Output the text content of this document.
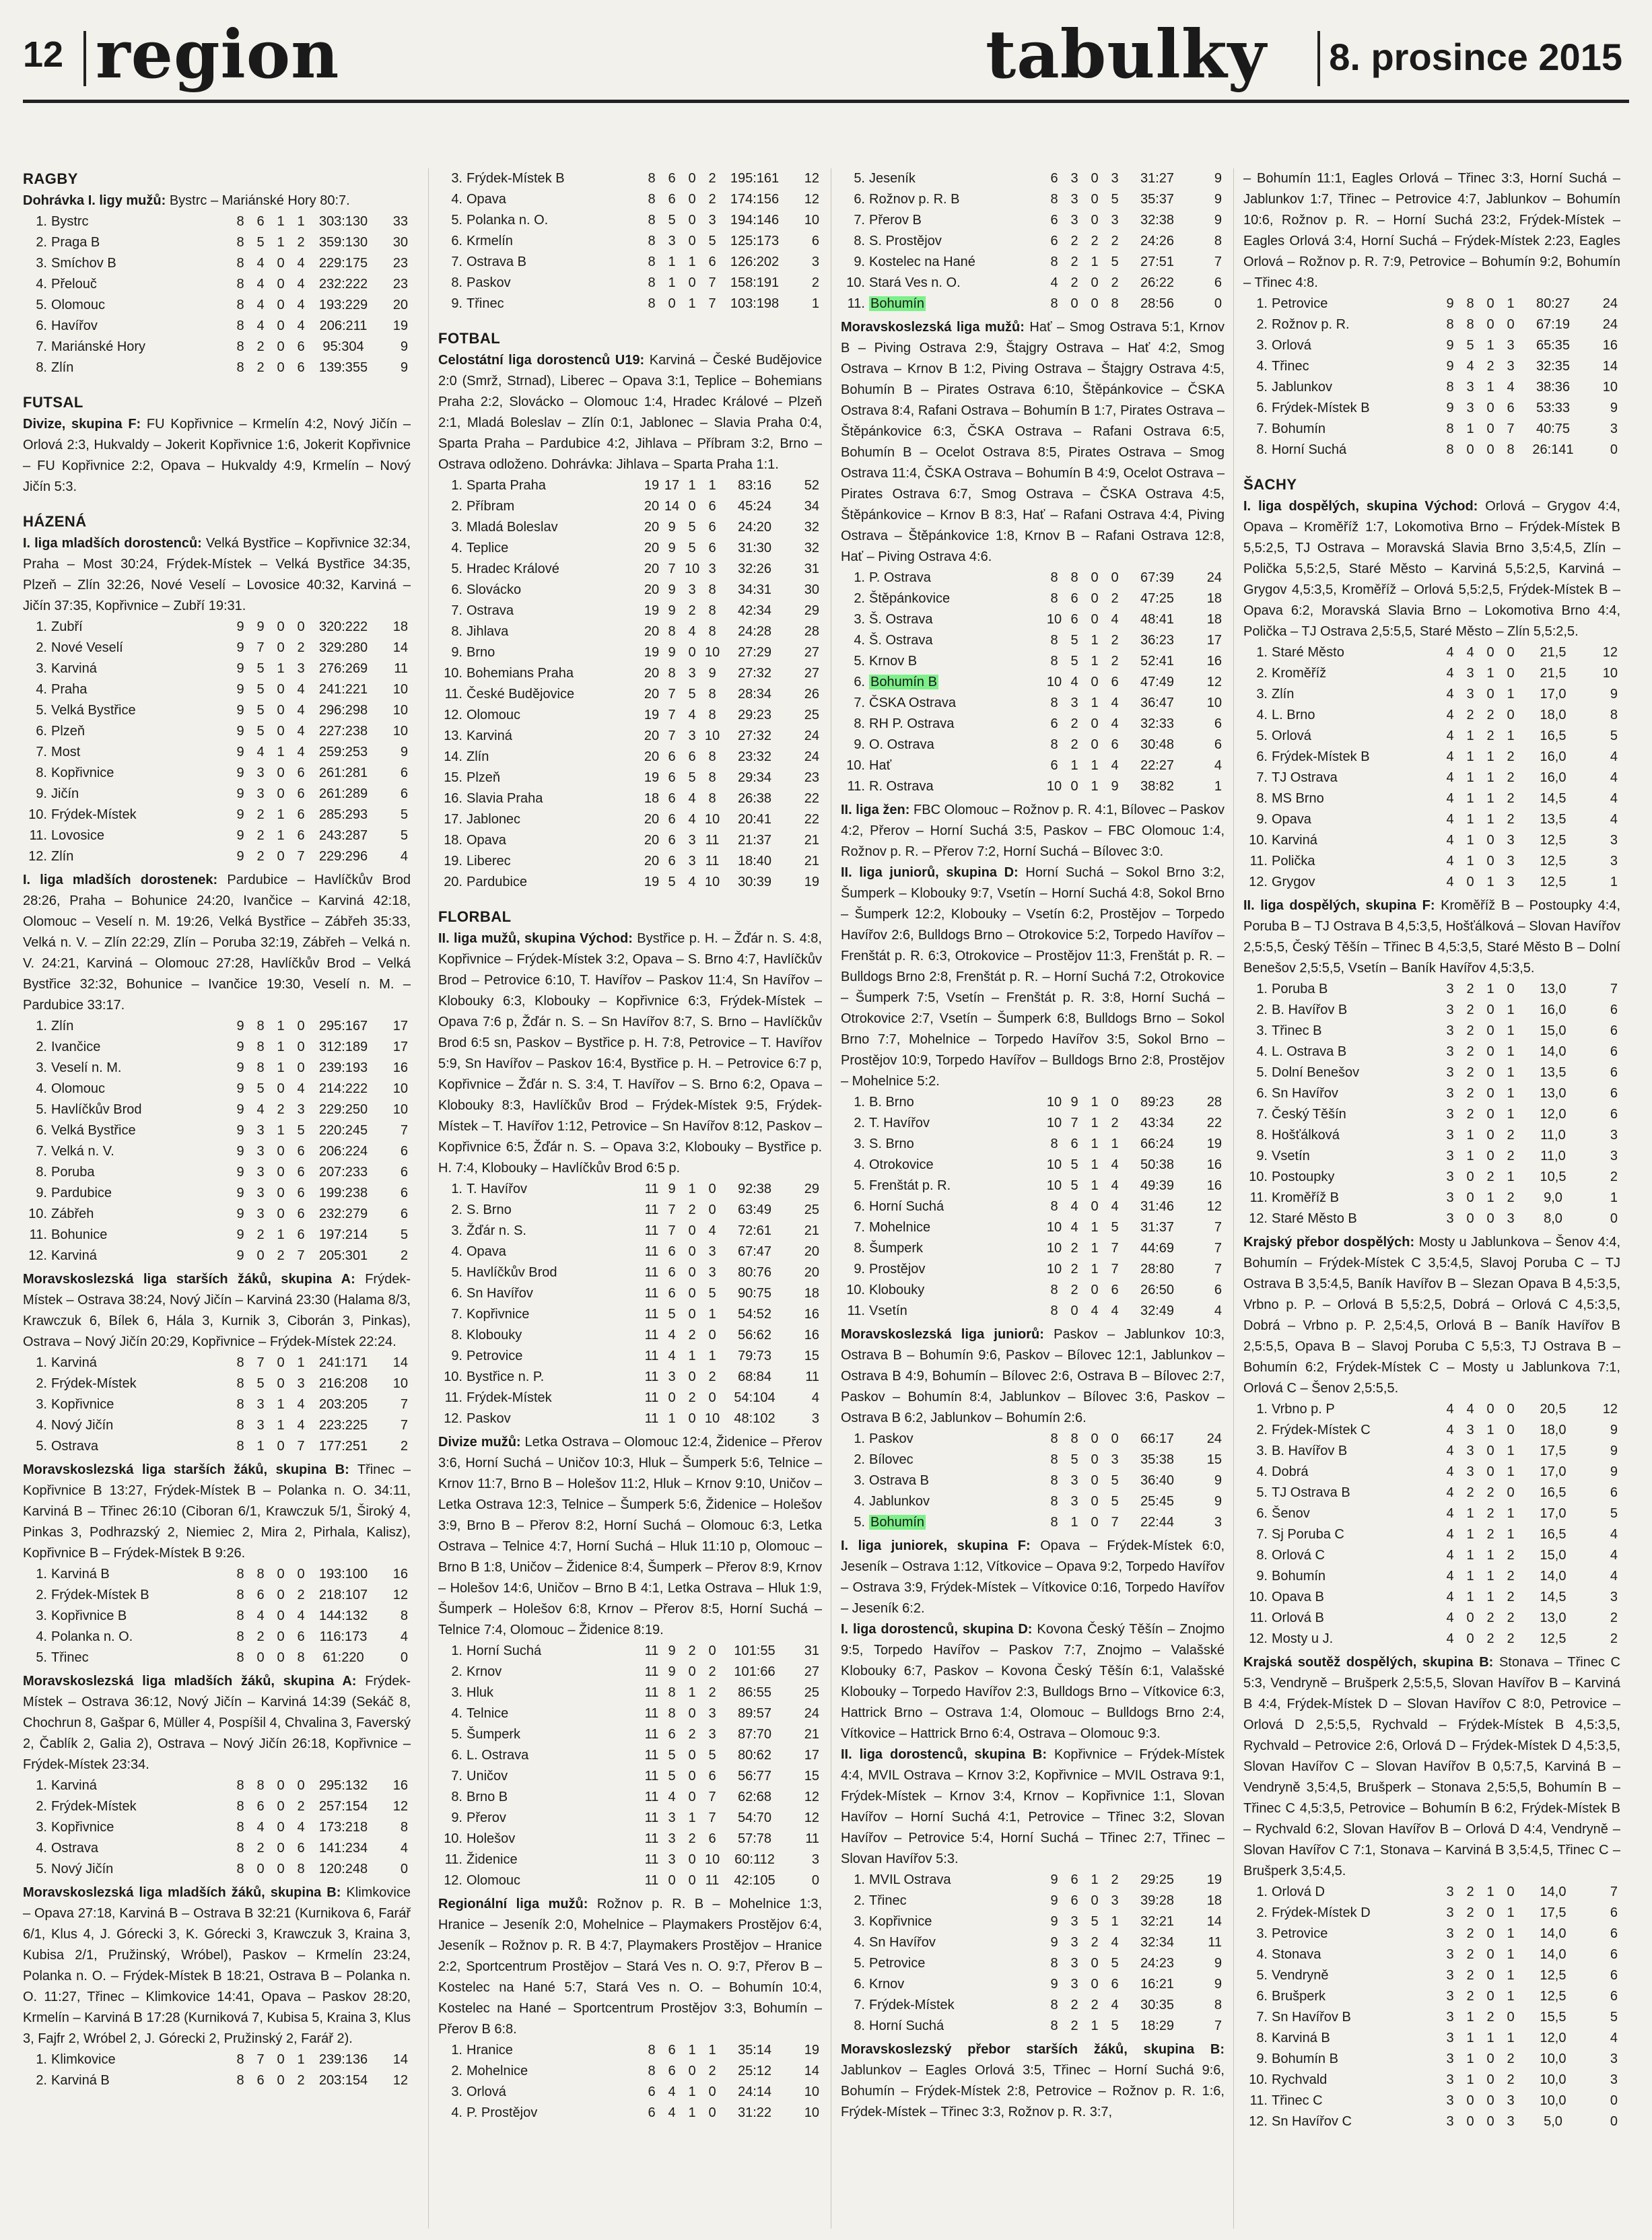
12 region	tabulky 8. prosince 2015
RAGBY

Dohrávka I. ligy mužů: Bystrc – Mariánské Hory 80:7.

1.	Bystrc	8	6	1	1	303:130	33
2.	Praga B	8	5	1	2	359:130	30
3.	Smíchov B	8	4	0	4	229:175	23
4.	Přelouč	8	4	0	4	232:222	23
5.	Olomouc	8	4	0	4	193:229	20
6.	Havířov	8	4	0	4	206:211	19
7.	Mariánské Hory	8	2	0	6	95:304	9
8.	Zlín	8	2	0	6	139:355	9
FUTSAL

Divize, skupina F: FU Kopřivnice – Krmelín 4:2, Nový Jičín – Orlová 2:3, Hukvaldy – Jokerit Kopřivnice 1:6, Jokerit Kopřivnice – FU Kopřivnice 2:2, Opava – Hukvaldy 4:9, Krmelín – Nový Jičín 5:3.

HÁZENÁ

I. liga mladších dorostenců: Velká Bystřice – Kopřivnice 32:34, Praha – Most 30:24, Frýdek-Místek – Velká Bystřice 34:35, Plzeň – Zlín 32:26, Nové Veselí – Lovosice 40:32, Karviná – Jičín 37:35, Kopřivnice – Zubří 19:31.

1.	Zubří	9	9	0	0	320:222	18
2.	Nové Veselí	9	7	0	2	329:280	14
3.	Karviná	9	5	1	3	276:269	11
4.	Praha	9	5	0	4	241:221	10
5.	Velká Bystřice	9	5	0	4	296:298	10
6.	Plzeň	9	5	0	4	227:238	10
7.	Most	9	4	1	4	259:253	9
8.	Kopřivnice	9	3	0	6	261:281	6
9.	Jičín	9	3	0	6	261:289	6
10.	Frýdek-Místek	9	2	1	6	285:293	5
11.	Lovosice	9	2	1	6	243:287	5
12.	Zlín	9	2	0	7	229:296	4

I. liga mladších dorostenek: Pardubice – Havlíčkův Brod 28:26, Praha – Bohunice 24:20, Ivančice – Karviná 42:18, Olomouc – Veselí n. M. 19:26, Velká Bystřice – Zábřeh 35:33, Velká n. V. – Zlín 22:29, Zlín – Poruba 32:19, Zábřeh – Velká n. V. 24:21, Karviná – Olomouc 27:28, Havlíčkův Brod – Velká Bystřice 32:32, Bohunice – Ivančice 19:30, Veselí n. M. – Pardubice 33:17.

1.	Zlín	9	8	1	0	295:167	17
2.	Ivančice	9	8	1	0	312:189	17
3.	Veselí n. M.	9	8	1	0	239:193	16
4.	Olomouc	9	5	0	4	214:222	10
5.	Havlíčkův Brod	9	4	2	3	229:250	10
6.	Velká Bystřice	9	3	1	5	220:245	7
7.	Velká n. V.	9	3	0	6	206:224	6
8.	Poruba	9	3	0	6	207:233	6
9.	Pardubice	9	3	0	6	199:238	6
10.	Zábřeh	9	3	0	6	232:279	6
11.	Bohunice	9	2	1	6	197:214	5
12.	Karviná	9	0	2	7	205:301	2

Moravskoslezská liga starších žáků, skupina A: Frýdek-Místek – Ostrava 38:24, Nový Jičín – Karviná 23:30 (Halama 8/3, Krawczuk 6, Bílek 6, Hála 3, Kurnik 3, Ciborán 3, Pinkas), Ostrava – Nový Jičín 20:29, Kopřivnice – Frýdek-Místek 22:24.

1.	Karviná	8	7	0	1	241:171	14
2.	Frýdek-Místek	8	5	0	3	216:208	10
3.	Kopřivnice	8	3	1	4	203:205	7
4.	Nový Jičín	8	3	1	4	223:225	7
5.	Ostrava	8	1	0	7	177:251	2

Moravskoslezská liga starších žáků, skupina B: Třinec – Kopřivnice B 13:27, Frýdek-Místek B – Polanka n. O. 34:11, Karviná B – Třinec 26:10 (Ciboran 6/1, Krawczuk 5/1, Široký 4, Pinkas 3, Podhrazský 2, Niemiec 2, Mira 2, Pirhala, Kalisz), Kopřivnice B – Frýdek-Místek B 9:26.

1.	Karviná B	8	8	0	0	193:100	16
2.	Frýdek-Místek B	8	6	0	2	218:107	12
3.	Kopřivnice B	8	4	0	4	144:132	8
4.	Polanka n. O.	8	2	0	6	116:173	4
5.	Třinec	8	0	0	8	61:220	0

Moravskoslezská liga mladších žáků, skupina A: Frýdek-Místek – Ostrava 36:12, Nový Jičín – Karviná 14:39 (Sekáč 8, Chochrun 8, Gašpar 6, Müller 4, Pospíšil 4, Chvalina 3, Faverský 2, Čablík 2, Galia 2), Ostrava – Nový Jičín 26:18, Kopřivnice – Frýdek-Místek 23:34.

1.	Karviná	8	8	0	0	295:132	16
2.	Frýdek-Místek	8	6	0	2	257:154	12
3.	Kopřivnice	8	4	0	4	173:218	8
4.	Ostrava	8	2	0	6	141:234	4
5.	Nový Jičín	8	0	0	8	120:248	0

Moravskoslezská liga mladších žáků, skupina B: Klimkovice – Opava 27:18, Karviná B – Ostrava B 32:21 (Kurnikova 6, Farář 6/1, Klus 4, J. Górecki 3, K. Górecki 3, Krawczuk 3, Kraina 3, Kubisa 2/1, Pružinský, Wróbel), Paskov – Krmelín 23:24, Polanka n. O. – Frýdek-Místek B 18:21, Ostrava B – Polanka n. O. 11:27, Třinec – Klimkovice 14:41, Opava – Paskov 28:20, Krmelín – Karviná B 17:28 (Kurniková 7, Kubisa 5, Kraina 3, Klus 3, Fajfr 2, Wróbel 2, J. Górecki 2, Pružinský 2, Farář 2).

1.	Klimkovice	8	7	0	1	239:136	14
2.	Karviná B	8	6	0	2	203:154	12
3.	Frýdek-Místek B	8	6	0	2	195:161	12
4.	Opava	8	6	0	2	174:156	12
5.	Polanka n. O.	8	5	0	3	194:146	10
6.	Krmelín	8	3	0	5	125:173	6
7.	Ostrava B	8	1	1	6	126:202	3
8.	Paskov	8	1	0	7	158:191	2
9.	Třinec	8	0	1	7	103:198	1
FOTBAL

Celostátní liga dorostenců U19: Karviná – České Budějovice 2:0 (Smrž, Strnad), Liberec – Opava 3:1, Teplice – Bohemians Praha 2:2, Slovácko – Olomouc 1:4, Hradec Králové – Plzeň 2:1, Mladá Boleslav – Zlín 0:1, Jablonec – Slavia Praha 0:4, Sparta Praha – Pardubice 4:2, Jihlava – Příbram 3:2, Brno – Ostrava odloženo. Dohrávka: Jihlava – Sparta Praha 1:1.

1.	Sparta Praha	19	17	1	1	83:16	52
2.	Příbram	20	14	0	6	45:24	34
3.	Mladá Boleslav	20	9	5	6	24:20	32
4.	Teplice	20	9	5	6	31:30	32
5.	Hradec Králové	20	7	10	3	32:26	31
6.	Slovácko	20	9	3	8	34:31	30
7.	Ostrava	19	9	2	8	42:34	29
8.	Jihlava	20	8	4	8	24:28	28
9.	Brno	19	9	0	10	27:29	27
10.	Bohemians Praha	20	8	3	9	27:32	27
11.	České Budějovice	20	7	5	8	28:34	26
12.	Olomouc	19	7	4	8	29:23	25
13.	Karviná	20	7	3	10	27:32	24
14.	Zlín	20	6	6	8	23:32	24
15.	Plzeň	19	6	5	8	29:34	23
16.	Slavia Praha	18	6	4	8	26:38	22
17.	Jablonec	20	6	4	10	20:41	22
18.	Opava	20	6	3	11	21:37	21
19.	Liberec	20	6	3	11	18:40	21
20.	Pardubice	19	5	4	10	30:39	19
FLORBAL

II. liga mužů, skupina Východ: Bystřice p. H. – Žďár n. S. 4:8, Kopřivnice – Frýdek-Místek 3:2, Opava – S. Brno 4:7, Havlíčkův Brod – Petrovice 6:10, T. Havířov – Paskov 11:4, Sn Havířov – Klobouky 6:3, Klobouky – Kopřivnice 6:3, Frýdek-Místek – Opava 7:6 p, Žďár n. S. – Sn Havířov 8:7, S. Brno – Havlíčkův Brod 6:5 sn, Paskov – Bystřice p. H. 7:8, Petrovice – T. Havířov 5:9, Sn Havířov – Paskov 16:4, Bystřice p. H. – Petrovice 6:7 p, Kopřivnice – Žďár n. S. 3:4, T. Havířov – S. Brno 6:2, Opava – Klobouky 8:3, Havlíčkův Brod – Frýdek-Místek 9:5, Frýdek-Místek – T. Havířov 1:12, Petrovice – Sn Havířov 8:12, Paskov – Kopřivnice 6:5, Žďár n. S. – Opava 3:2, Klobouky – Bystřice p. H. 7:4, Klobouky – Havlíčkův Brod 6:5 p.

1.	T. Havířov	11	9	1	0	92:38	29
2.	S. Brno	11	7	2	0	63:49	25
3.	Žďár n. S.	11	7	0	4	72:61	21
4.	Opava	11	6	0	3	67:47	20
5.	Havlíčkův Brod	11	6	0	3	80:76	20
6.	Sn Havířov	11	6	0	5	90:75	18
7.	Kopřivnice	11	5	0	1	54:52	16
8.	Klobouky	11	4	2	0	56:62	16
9.	Petrovice	11	4	1	1	79:73	15
10.	Bystřice n. P.	11	3	0	2	68:84	11
11.	Frýdek-Místek	11	0	2	0	54:104	4
12.	Paskov	11	1	0	10	48:102	3

Divize mužů: Letka Ostrava – Olomouc 12:4, Židenice – Přerov 3:6, Horní Suchá – Uničov 10:3, Hluk – Šumperk 5:6, Telnice – Krnov 11:7, Brno B – Holešov 11:2, Hluk – Krnov 9:10, Uničov – Letka Ostrava 12:3, Telnice – Šumperk 5:6, Židenice – Holešov 3:9, Brno B – Přerov 8:2, Horní Suchá – Olomouc 6:3, Letka Ostrava – Telnice 4:7, Horní Suchá – Hluk 11:10 p, Olomouc – Brno B 1:8, Uničov – Židenice 8:4, Šumperk – Přerov 8:9, Krnov – Holešov 14:6, Uničov – Brno B 4:1, Letka Ostrava – Hluk 1:9, Šumperk – Holešov 6:8, Krnov – Přerov 8:5, Horní Suchá – Telnice 7:4, Olomouc – Židenice 8:19.

1.	Horní Suchá	11	9	2	0	101:55	31
2.	Krnov	11	9	0	2	101:66	27
3.	Hluk	11	8	1	2	86:55	25
4.	Telnice	11	8	0	3	89:57	24
5.	Šumperk	11	6	2	3	87:70	21
6.	L. Ostrava	11	5	0	5	80:62	17
7.	Uničov	11	5	0	6	56:77	15
8.	Brno B	11	4	0	7	62:68	12
9.	Přerov	11	3	1	7	54:70	12
10.	Holešov	11	3	2	6	57:78	11
11.	Židenice	11	3	0	10	60:112	3
12.	Olomouc	11	0	0	11	42:105	0

Regionální liga mužů: Rožnov p. R. B – Mohelnice 1:3, Hranice – Jeseník 2:0, Mohelnice – Playmakers Prostějov 6:4, Jeseník – Rožnov p. R. B 4:7, Playmakers Prostějov – Hranice 2:2, Sportcentrum Prostějov – Stará Ves n. O. 9:7, Přerov B – Kostelec na Hané 5:7, Stará Ves n. O. – Bohumín 10:4, Kostelec na Hané – Sportcentrum Prostějov 3:3, Bohumín – Přerov B 6:8.

1.	Hranice	8	6	1	1	35:14	19
2.	Mohelnice	8	6	0	2	25:12	14
3.	Orlová	6	4	1	0	24:14	10
4.	P. Prostějov	6	4	1	0	31:22	10
5.	Jeseník	6	3	0	3	31:27	9
6.	Rožnov p. R. B	8	3	0	5	35:37	9
7.	Přerov B	6	3	0	3	32:38	9
8.	S. Prostějov	6	2	2	2	24:26	8
9.	Kostelec na Hané	8	2	1	5	27:51	7
10.	Stará Ves n. O.	4	2	0	2	26:22	6
11.	Bohumín	8	0	0	8	28:56	0

Moravskoslezská liga mužů: Hať – Smog Ostrava 5:1, Krnov B – Piving Ostrava 2:9, Štajgry Ostrava – Hať 4:2, Smog Ostrava – Krnov B 1:2, Piving Ostrava – Štajgry Ostrava 4:5, Bohumín B – Pirates Ostrava 6:10, Štěpánkovice – ČSKA Ostrava 8:4, Rafani Ostrava – Bohumín B 1:7, Pirates Ostrava – Štěpánkovice 6:3, ČSKA Ostrava – Rafani Ostrava 6:5, Bohumín B – Ocelot Ostrava 8:5, Pirates Ostrava – Smog Ostrava 11:4, ČSKA Ostrava – Bohumín B 4:9, Ocelot Ostrava – Pirates Ostrava 6:7, Smog Ostrava – ČSKA Ostrava 4:5, Štěpánkovice – Krnov B 8:3, Hať – Rafani Ostrava 4:4, Piving Ostrava – Štěpánkovice 1:8, Krnov B – Rafani Ostrava 12:8, Hať – Piving Ostrava 4:6.

1.	P. Ostrava	8	8	0	0	67:39	24
2.	Štěpánkovice	8	6	0	2	47:25	18
3.	Š. Ostrava	10	6	0	4	48:41	18
4.	Š. Ostrava	8	5	1	2	36:23	17
5.	Krnov B	8	5	1	2	52:41	16
6.	Bohumín B	10	4	0	6	47:49	12
7.	ČSKA Ostrava	8	3	1	4	36:47	10
8.	RH P. Ostrava	6	2	0	4	32:33	6
9.	O. Ostrava	8	2	0	6	30:48	6
10.	Hať	6	1	1	4	22:27	4
11.	R. Ostrava	10	0	1	9	38:82	1

II. liga žen: FBC Olomouc – Rožnov p. R. 4:1, Bílovec – Paskov 4:2, Přerov – Horní Suchá 3:5, Paskov – FBC Olomouc 1:4, Rožnov p. R. – Přerov 7:2, Horní Suchá – Bílovec 3:0.

II. liga juniorů, skupina D: Horní Suchá – Sokol Brno 3:2, Šumperk – Klobouky 9:7, Vsetín – Horní Suchá 4:8, Sokol Brno – Šumperk 12:2, Klobouky – Vsetín 6:2, Prostějov – Torpedo Havířov 2:6, Bulldogs Brno – Otrokovice 5:2, Torpedo Havířov – Frenštát p. R. 6:3, Otrokovice – Prostějov 11:3, Frenštát p. R. – Bulldogs Brno 2:8, Frenštát p. R. – Horní Suchá 7:2, Otrokovice – Šumperk 7:5, Vsetín – Frenštát p. R. 3:8, Horní Suchá – Otrokovice 2:7, Vsetín – Šumperk 6:8, Bulldogs Brno – Sokol Brno 7:7, Mohelnice – Torpedo Havířov 3:5, Sokol Brno – Prostějov 10:9, Torpedo Havířov – Bulldogs Brno 2:8, Prostějov – Mohelnice 5:2.

1.	B. Brno	10	9	1	0	89:23	28
2.	T. Havířov	10	7	1	2	43:34	22
3.	S. Brno	8	6	1	1	66:24	19
4.	Otrokovice	10	5	1	4	50:38	16
5.	Frenštát p. R.	10	5	1	4	49:39	16
6.	Horní Suchá	8	4	0	4	31:46	12
7.	Mohelnice	10	4	1	5	31:37	7
8.	Šumperk	10	2	1	7	44:69	7
9.	Prostějov	10	2	1	7	28:80	7
10.	Klobouky	8	2	0	6	26:50	6
11.	Vsetín	8	0	4	4	32:49	4

Moravskoslezská liga juniorů: Paskov – Jablunkov 10:3, Ostrava B – Bohumín 9:6, Paskov – Bílovec 12:1, Jablunkov – Ostrava B 4:9, Bohumín – Bílovec 2:6, Ostrava B – Bílovec 2:7, Paskov – Bohumín 8:4, Jablunkov – Bílovec 3:6, Paskov – Ostrava B 6:2, Jablunkov – Bohumín 2:6.

1.	Paskov	8	8	0	0	66:17	24
2.	Bílovec	8	5	0	3	35:38	15
3.	Ostrava B	8	3	0	5	36:40	9
4.	Jablunkov	8	3	0	5	25:45	9
5.	Bohumín	8	1	0	7	22:44	3

I. liga juniorek, skupina F: Opava – Frýdek-Místek 6:0, Jeseník – Ostrava 1:12, Vítkovice – Opava 9:2, Torpedo Havířov – Ostrava 3:9, Frýdek-Místek – Vítkovice 0:16, Torpedo Havířov – Jeseník 6:2.

I. liga dorostenců, skupina D: Kovona Český Těšín – Znojmo 9:5, Torpedo Havířov – Paskov 7:7, Znojmo – Valašské Klobouky 6:7, Paskov – Kovona Český Těšín 6:1, Valašské Klobouky – Torpedo Havířov 2:3, Bulldogs Brno – Vítkovice 6:3, Hattrick Brno – Ostrava 1:4, Olomouc – Bulldogs Brno 2:4, Vítkovice – Hattrick Brno 6:4, Ostrava – Olomouc 9:3.

II. liga dorostenců, skupina B: Kopřivnice – Frýdek-Místek 4:4, MVIL Ostrava – Krnov 3:2, Kopřivnice – MVIL Ostrava 9:1, Frýdek-Místek – Krnov 3:4, Krnov – Kopřivnice 1:1, Slovan Havířov – Horní Suchá 4:1, Petrovice – Třinec 3:2, Slovan Havířov – Petrovice 5:4, Horní Suchá – Třinec 2:7, Třinec – Slovan Havířov 5:3.

1.	MVIL Ostrava	9	6	1	2	29:25	19
2.	Třinec	9	6	0	3	39:28	18
3.	Kopřivnice	9	3	5	1	32:21	14
4.	Sn Havířov	9	3	2	4	32:34	11
5.	Petrovice	8	3	0	5	24:23	9
6.	Krnov	9	3	0	6	16:21	9
7.	Frýdek-Místek	8	2	2	4	30:35	8
8.	Horní Suchá	8	2	1	5	18:29	7

Moravskoslezský přebor starších žáků, skupina B: Jablunkov – Eagles Orlová 3:5, Třinec – Horní Suchá 9:6, Bohumín – Frýdek-Místek 2:8, Petrovice – Rožnov p. R. 1:6, Frýdek-Místek – Třinec 3:3, Rožnov p. R. 3:7,

– Bohumín 11:1, Eagles Orlová – Třinec 3:3, Horní Suchá – Jablunkov 1:7, Třinec – Petrovice 4:7, Jablunkov – Bohumín 10:6, Rožnov p. R. – Horní Suchá 23:2, Frýdek-Místek – Eagles Orlová 3:4, Horní Suchá – Frýdek-Místek 2:23, Eagles Orlová – Rožnov p. R. 7:9, Petrovice – Bohumín 9:2, Bohumín – Třinec 4:8.

1.	Petrovice	9	8	0	1	80:27	24
2.	Rožnov p. R.	8	8	0	0	67:19	24
3.	Orlová	9	5	1	3	65:35	16
4.	Třinec	9	4	2	3	32:35	14
5.	Jablunkov	8	3	1	4	38:36	10
6.	Frýdek-Místek B	9	3	0	6	53:33	9
7.	Bohumín	8	1	0	7	40:75	3
8.	Horní Suchá	8	0	0	8	26:141	0
ŠACHY

I. liga dospělých, skupina Východ: Orlová – Grygov 4:4, Opava – Kroměříž 1:7, Lokomotiva Brno – Frýdek-Místek B 5,5:2,5, TJ Ostrava – Moravská Slavia Brno 3,5:4,5, Zlín – Polička 5,5:2,5, Staré Město – Karviná 5,5:2,5, Karviná – Grygov 4,5:3,5, Kroměříž – Orlová 5,5:2,5, Frýdek-Místek B – Opava 6:2, Moravská Slavia Brno – Lokomotiva Brno 4:4, Polička – TJ Ostrava 2,5:5,5, Staré Město – Zlín 5,5:2,5.

1.	Staré Město	4	4	0	0	21,5	12
2.	Kroměříž	4	3	1	0	21,5	10
3.	Zlín	4	3	0	1	17,0	9
4.	L. Brno	4	2	2	0	18,0	8
5.	Orlová	4	1	2	1	16,5	5
6.	Frýdek-Místek B	4	1	1	2	16,0	4
7.	TJ Ostrava	4	1	1	2	16,0	4
8.	MS Brno	4	1	1	2	14,5	4
9.	Opava	4	1	1	2	13,5	4
10.	Karviná	4	1	0	3	12,5	3
11.	Polička	4	1	0	3	12,5	3
12.	Grygov	4	0	1	3	12,5	1

II. liga dospělých, skupina F: Kroměříž B – Postoupky 4:4, Poruba B – TJ Ostrava B 4,5:3,5, Hošťálková – Slovan Havířov 2,5:5,5, Český Těšín – Třinec B 4,5:3,5, Staré Město B – Dolní Benešov 2,5:5,5, Vsetín – Baník Havířov 4,5:3,5.

1.	Poruba B	3	2	1	0	13,0	7
2.	B. Havířov B	3	2	0	1	16,0	6
3.	Třinec B	3	2	0	1	15,0	6
4.	L. Ostrava B	3	2	0	1	14,0	6
5.	Dolní Benešov	3	2	0	1	13,5	6
6.	Sn Havířov	3	2	0	1	13,0	6
7.	Český Těšín	3	2	0	1	12,0	6
8.	Hošťálková	3	1	0	2	11,0	3
9.	Vsetín	3	1	0	2	11,0	3
10.	Postoupky	3	0	2	1	10,5	2
11.	Kroměříž B	3	0	1	2	9,0	1
12.	Staré Město B	3	0	0	3	8,0	0

Krajský přebor dospělých: Mosty u Jablunkova – Šenov 4:4, Bohumín – Frýdek-Místek C 3,5:4,5, Slavoj Poruba C – TJ Ostrava B 3,5:4,5, Baník Havířov B – Slezan Opava B 4,5:3,5, Vrbno p. P. – Orlová B 5,5:2,5, Dobrá – Orlová C 4,5:3,5, Dobrá – Vrbno p. P. 2,5:4,5, Orlová B – Baník Havířov B 2,5:5,5, Opava B – Slavoj Poruba C 5,5:3, TJ Ostrava B – Bohumín 6:2, Frýdek-Místek C – Mosty u Jablunkova 7:1, Orlová C – Šenov 2,5:5,5.

1.	Vrbno p. P	4	4	0	0	20,5	12
2.	Frýdek-Místek C	4	3	1	0	18,0	9
3.	B. Havířov B	4	3	0	1	17,5	9
4.	Dobrá	4	3	0	1	17,0	9
5.	TJ Ostrava B	4	2	2	0	16,5	6
6.	Šenov	4	1	2	1	17,0	5
7.	Sj Poruba C	4	1	2	1	16,5	4
8.	Orlová C	4	1	1	2	15,0	4
9.	Bohumín	4	1	1	2	14,0	4
10.	Opava B	4	1	1	2	14,5	3
11.	Orlová B	4	0	2	2	13,0	2
12.	Mosty u J.	4	0	2	2	12,5	2

Krajská soutěž dospělých, skupina B: Stonava – Třinec C 5:3, Vendryně – Brušperk 2,5:5,5, Slovan Havířov B – Karviná B 4:4, Frýdek-Místek D – Slovan Havířov C 8:0, Petrovice – Orlová D 2,5:5,5, Rychvald – Frýdek-Místek B 4,5:3,5, Rychvald – Petrovice 2:6, Orlová D – Frýdek-Místek D 4,5:3,5, Slovan Havířov C – Slovan Havířov B 0,5:7,5, Karviná B – Vendryně 3,5:4,5, Brušperk – Stonava 2,5:5,5, Bohumín B – Třinec C 4,5:3,5, Petrovice – Bohumín B 6:2, Frýdek-Místek B – Rychvald 6:2, Slovan Havířov B – Orlová D 4:4, Vendryně – Slovan Havířov C 7:1, Stonava – Karviná B 3,5:4,5, Třinec C – Brušperk 3,5:4,5.

1.	Orlová D	3	2	1	0	14,0	7
2.	Frýdek-Místek D	3	2	0	1	17,5	6
3.	Petrovice	3	2	0	1	14,0	6
4.	Stonava	3	2	0	1	14,0	6
5.	Vendryně	3	2	0	1	12,5	6
6.	Brušperk	3	2	0	1	12,5	6
7.	Sn Havířov B	3	1	2	0	15,5	5
8.	Karviná B	3	1	1	1	12,0	4
9.	Bohumín B	3	1	0	2	10,0	3
10.	Rychvald	3	1	0	2	10,0	3
11.	Třinec C	3	0	0	3	10,0	0
12.	Sn Havířov C	3	0	0	3	5,0	0
